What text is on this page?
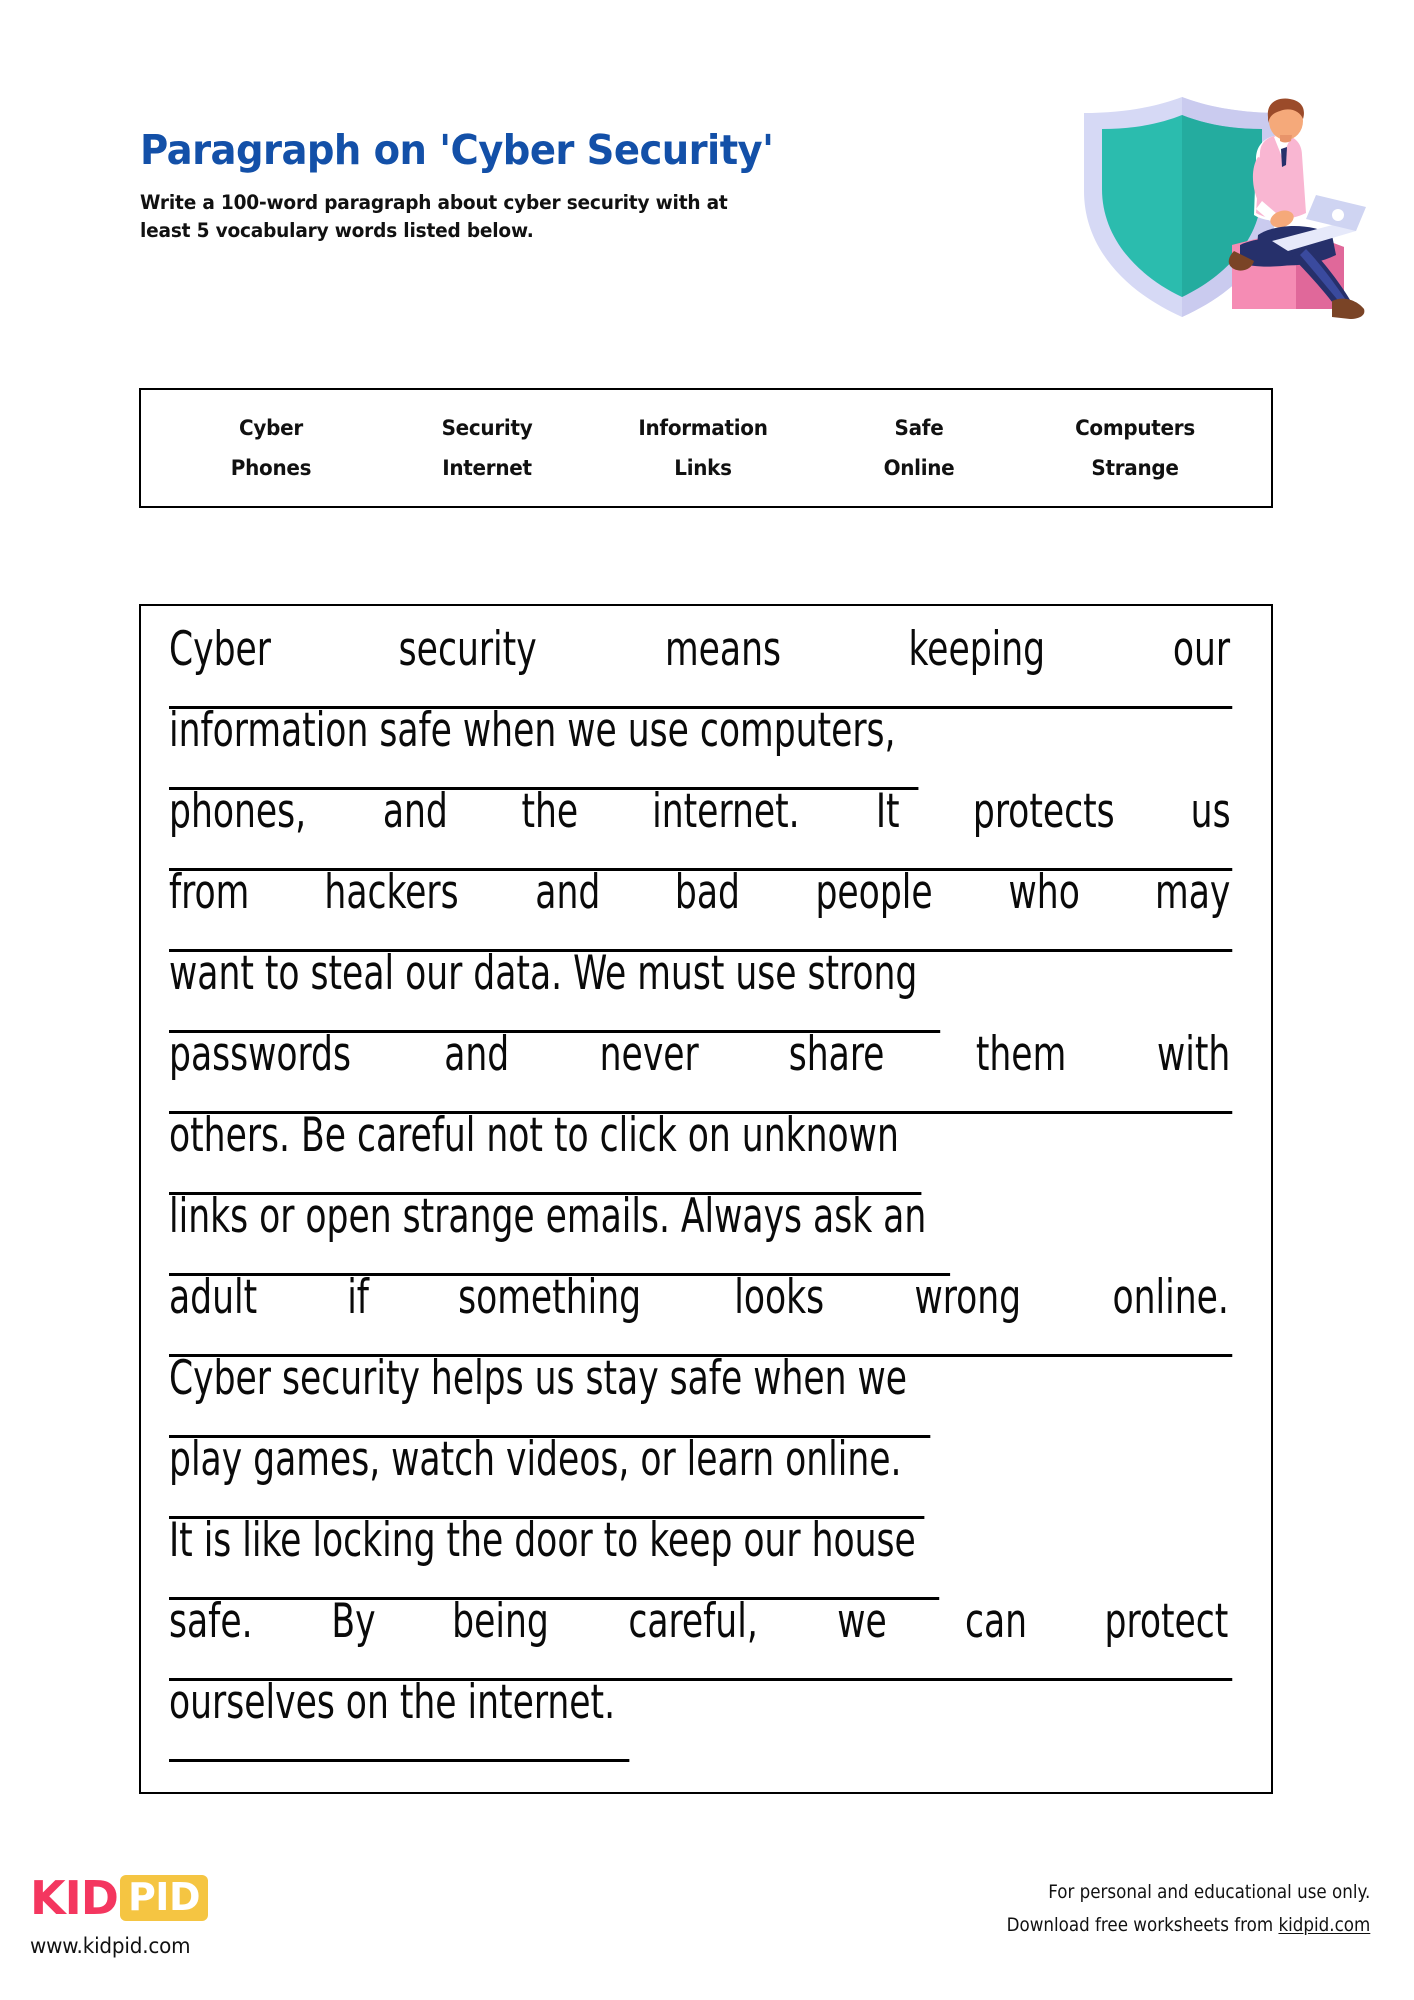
Paragraph on 'Cyber Security'
Write a 100-word paragraph about cyber security with at least 5 vocabulary words listed below.
Cyber	Security	Information	Safe	Computers
Phones	Internet	Links	Online	Strange
Cyber	security	means	keeping	our
information safe when we use computers,
phones, and the internet. It protects us
from hackers and bad people who may
want to steal our data. We must use strong
passwords and never share them with
others. Be careful not to click on unknown
links or open strange emails. Always ask an
adult if something looks wrong online.
Cyber security helps us stay safe when we
play games, watch videos, or learn online.
It is like locking the door to keep our house
safe. By being careful, we can protect
ourselves on the internet.
KID PID
www.kidpid.com
For personal and educational use only.
Download free worksheets from kidpid.com
